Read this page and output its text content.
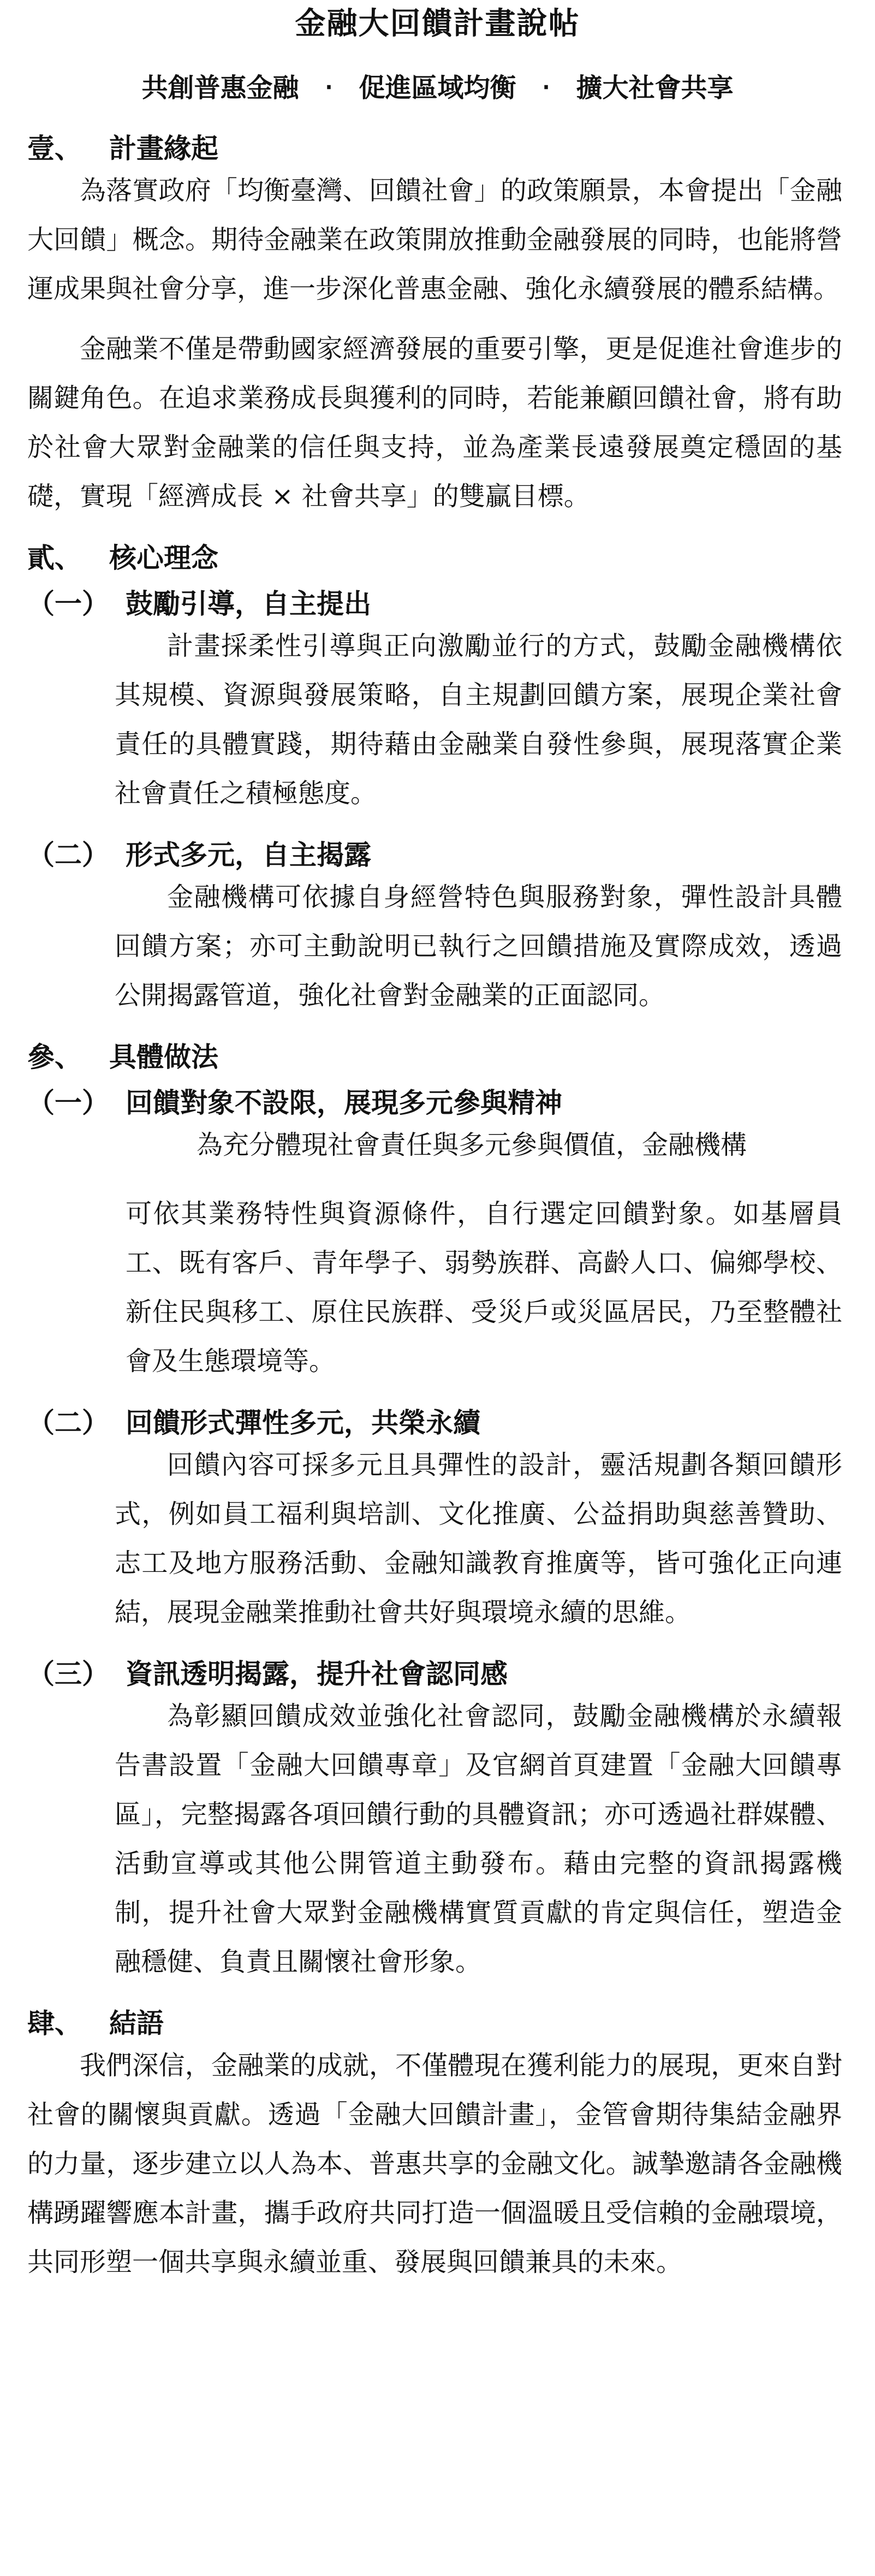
金融大回饋計畫說帖
共創普惠金融 ‧ 促進區域均衡 ‧ 擴大社會共享
壹、 計畫緣起

為落實政府「均衡臺灣、回饋社會」的政策願景，本會提出「金融大回饋」概念。期待金融業在政策開放推動金融發展的同時，也能將營運成果與社會分享，進一步深化普惠金融、強化永續發展的體系結構。

金融業不僅是帶動國家經濟發展的重要引擎，更是促進社會進步的關鍵角色。在追求業務成長與獲利的同時，若能兼顧回饋社會，將有助於社會大眾對金融業的信任與支持，並為產業長遠發展奠定穩固的基礎，實現「經濟成長 × 社會共享」的雙贏目標。

貳、 核心理念
（一） 鼓勵引導，自主提出

計畫採柔性引導與正向激勵並行的方式，鼓勵金融機構依其規模、資源與發展策略，自主規劃回饋方案，展現企業社會責任的具體實踐，期待藉由金融業自發性參與，展現落實企業社會責任之積極態度。

（二） 形式多元，自主揭露

金融機構可依據自身經營特色與服務對象，彈性設計具體回饋方案；亦可主動說明已執行之回饋措施及實際成效，透過公開揭露管道，強化社會對金融業的正面認同。

參、 具體做法
（一） 回饋對象不設限，展現多元參與精神

為充分體現社會責任與多元參與價值，金融機構

可依其業務特性與資源條件，自行選定回饋對象。如基層員工、既有客戶、青年學子、弱勢族群、高齡人口、偏鄉學校、新住民與移工、原住民族群、受災戶或災區居民，乃至整體社會及生態環境等。

（二） 回饋形式彈性多元，共榮永續

回饋內容可採多元且具彈性的設計，靈活規劃各類回饋形式，例如員工福利與培訓、文化推廣、公益捐助與慈善贊助、志工及地方服務活動、金融知識教育推廣等，皆可強化正向連結，展現金融業推動社會共好與環境永續的思維。

（三） 資訊透明揭露，提升社會認同感

為彰顯回饋成效並強化社會認同，鼓勵金融機構於永續報告書設置「金融大回饋專章」及官網首頁建置「金融大回饋專區」，完整揭露各項回饋行動的具體資訊；亦可透過社群媒體、活動宣導或其他公開管道主動發布。藉由完整的資訊揭露機制，提升社會大眾對金融機構實質貢獻的肯定與信任，塑造金融穩健、負責且關懷社會形象。

肆、 結語

我們深信，金融業的成就，不僅體現在獲利能力的展現，更來自對社會的關懷與貢獻。透過「金融大回饋計畫」，金管會期待集結金融界的力量，逐步建立以人為本、普惠共享的金融文化。誠摯邀請各金融機構踴躍響應本計畫，攜手政府共同打造一個溫暖且受信賴的金融環境，共同形塑一個共享與永續並重、發展與回饋兼具的未來。
